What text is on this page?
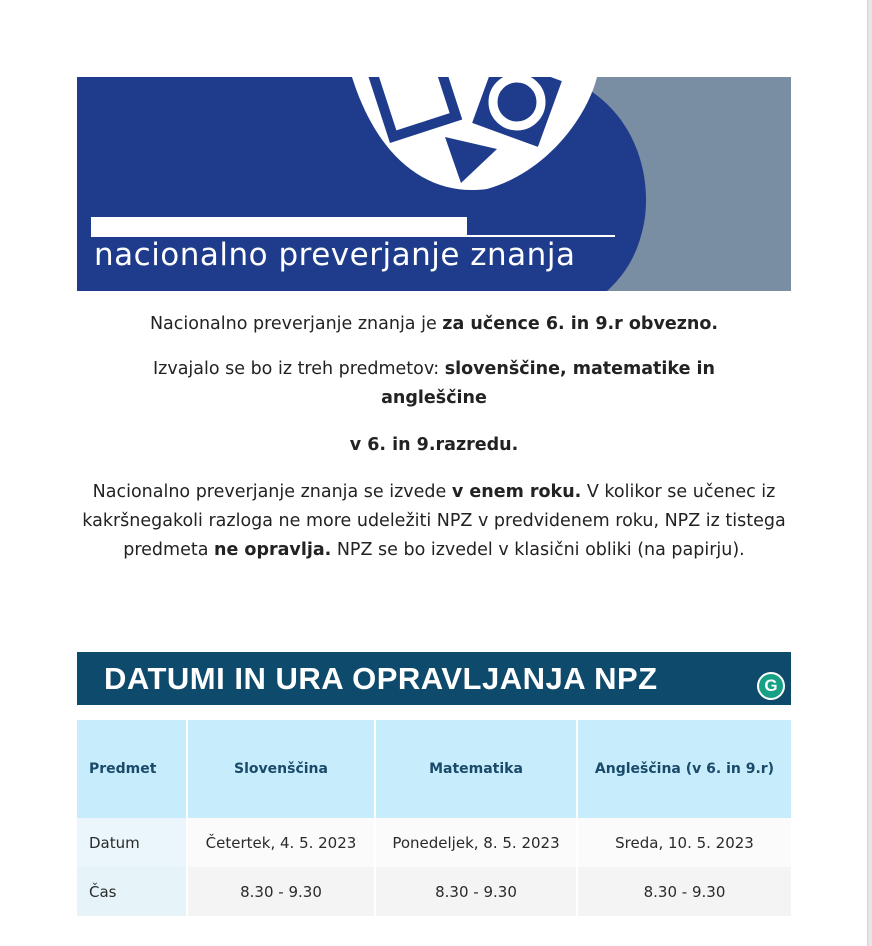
nacionalno preverjanje znanja
Nacionalno preverjanje znanja je za učence 6. in 9.r obvezno.
Izvajalo se bo iz treh predmetov: slovenščine, matematike in angleščine
v 6. in 9.razredu.
Nacionalno preverjanje znanja se izvede v enem roku. V kolikor se učenec iz kakršnegakoli razloga ne more udeležiti NPZ v predvidenem roku, NPZ iz tistega predmeta ne opravlja. NPZ se bo izvedel v klasični obliki (na papirju).
DATUMI IN URA OPRAVLJANJA NPZ	G
Predmet	Slovenščina	Matematika	Angleščina (v 6. in 9.r)
Datum	Četertek, 4. 5. 2023	Ponedeljek, 8. 5. 2023	Sreda, 10. 5. 2023
Čas	8.30 - 9.30	8.30 - 9.30	8.30 - 9.30
